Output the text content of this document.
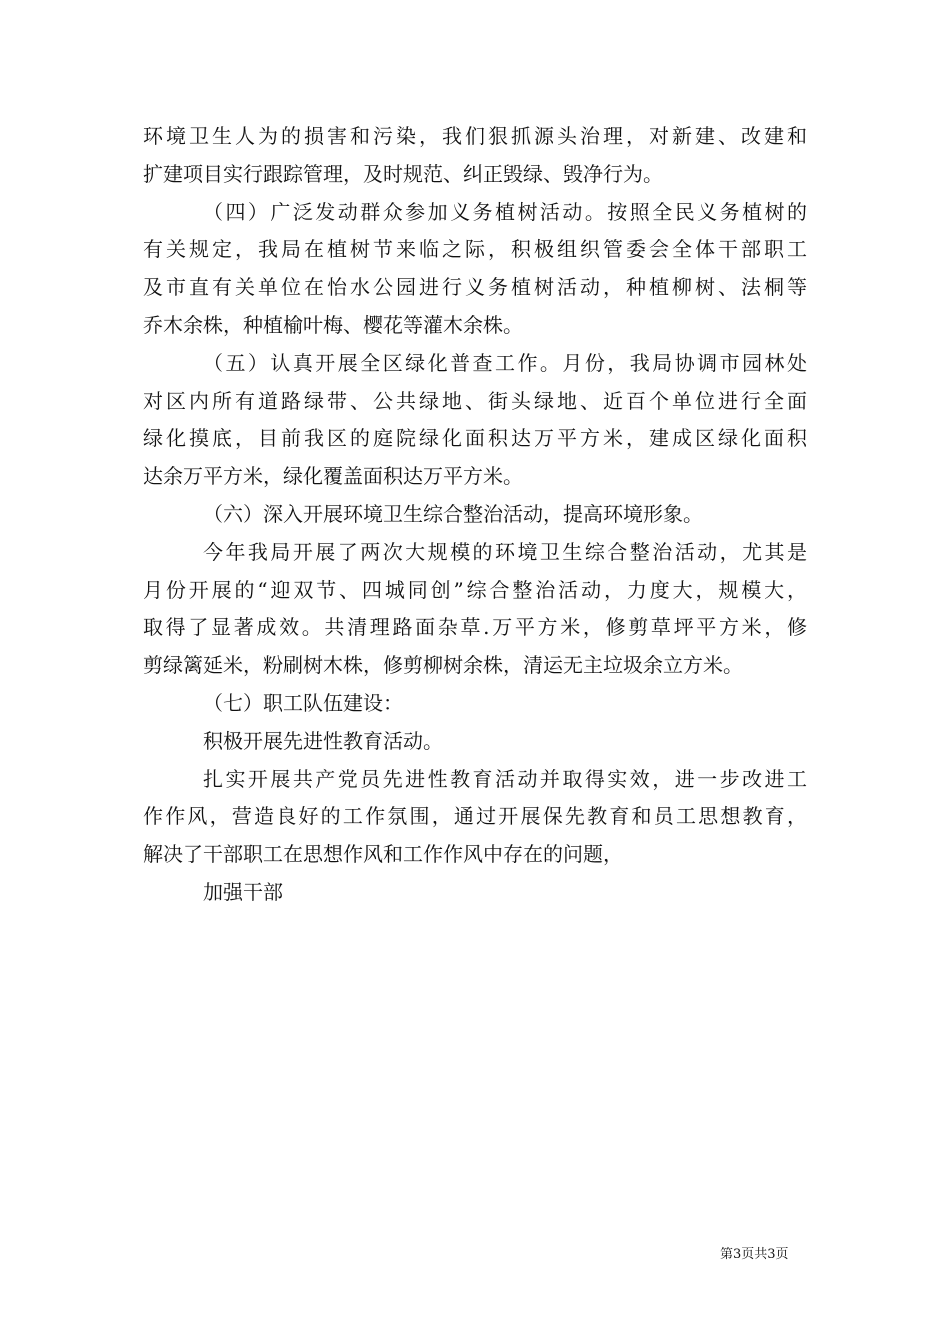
环境卫生人为的损害和污染，我们狠抓源头治理，对新建、改建和
扩建项目实行跟踪管理，及时规范、纠正毁绿、毁净行为。
（四）广泛发动群众参加义务植树活动。按照全民义务植树的
有关规定，我局在植树节来临之际，积极组织管委会全体干部职工
及市直有关单位在怡水公园进行义务植树活动，种植柳树、法桐等
乔木余株，种植榆叶梅、樱花等灌木余株。
（五）认真开展全区绿化普查工作。月份，我局协调市园林处
对区内所有道路绿带、公共绿地、街头绿地、近百个单位进行全面
绿化摸底，目前我区的庭院绿化面积达万平方米，建成区绿化面积
达余万平方米，绿化覆盖面积达万平方米。
（六）深入开展环境卫生综合整治活动，提高环境形象。
今年我局开展了两次大规模的环境卫生综合整治活动，尤其是
月份开展的“迎双节、四城同创”综合整治活动，力度大，规模大，
取得了显著成效。共清理路面杂草.万平方米，修剪草坪平方米，修
剪绿篱延米，粉刷树木株，修剪柳树余株，清运无主垃圾余立方米。
（七）职工队伍建设：
积极开展先进性教育活动。
扎实开展共产党员先进性教育活动并取得实效，进一步改进工
作作风，营造良好的工作氛围，通过开展保先教育和员工思想教育，
解决了干部职工在思想作风和工作作风中存在的问题，
加强干部
第3页共3页
